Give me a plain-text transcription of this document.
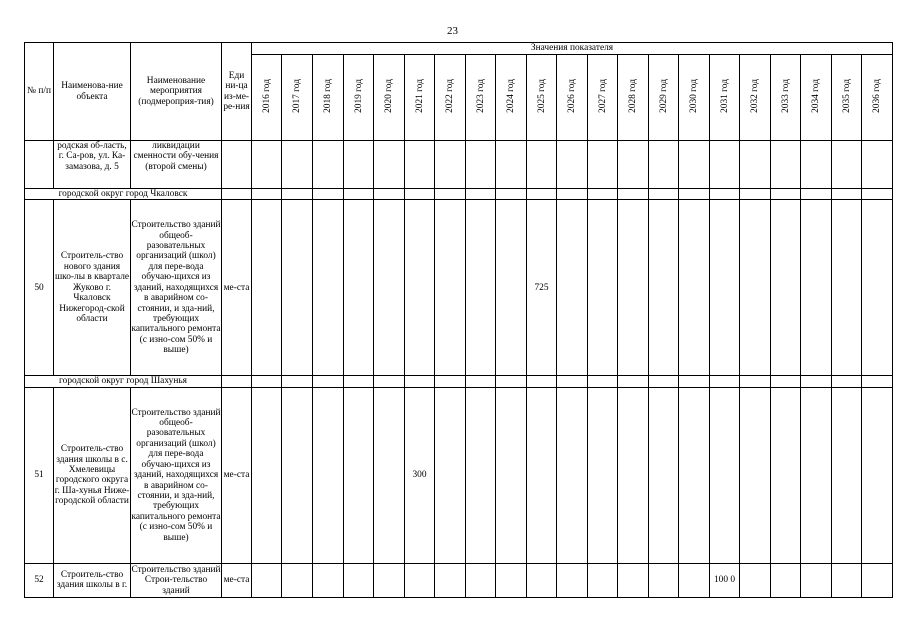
23
№ п/п	Наименова-ние объекта	Наименование мероприятия (подмероприя-тия)	Еди ни-ца из-ме-ре-ния	Значения показателя																				
				2016 год	2017 год	2018 год	2019 год	2020 год	2021 год	2022 год	2023 год	2024 год	2025 год	2026 год	2027 год	2028 год	2029 год	2030 год	2031 год	2032 год	2033 год	2034 год	2035 год	2036 год
	родская об-ласть, г. Са-ров, ул. Ка-замазова, д. 5	ликвидации сменности обу-чения (второй смены)																						
городской округ город Чкаловск																								
50	Строитель-ство нового здания шко-лы в квартале Жуково г. Чкаловск Нижегород-ской области	Строительство зданий общеоб-разовательных организаций (школ) для пере-вода обучаю-щихся из зданий, находящихся в аварийном со-стоянии, и зда-ний, требующих капитального ремонта (с изно-сом 50% и выше)	ме-ста										725											
городской округ город Шахунья																								
51	Строитель-ство здания школы в с. Хмелевицы городского округа г. Ша-хунья Ниже-городской области	Строительство зданий общеоб-разовательных организаций (школ) для пере-вода обучаю-щихся из зданий, находящихся в аварийном со-стоянии, и зда-ний, требующих капитального ремонта (с изно-сом 50% и выше)	ме-ста						300															
52	Строитель-ство здания школы в г.	Строительство зданий Строи-тельство зданий	ме-ста																100 0					
